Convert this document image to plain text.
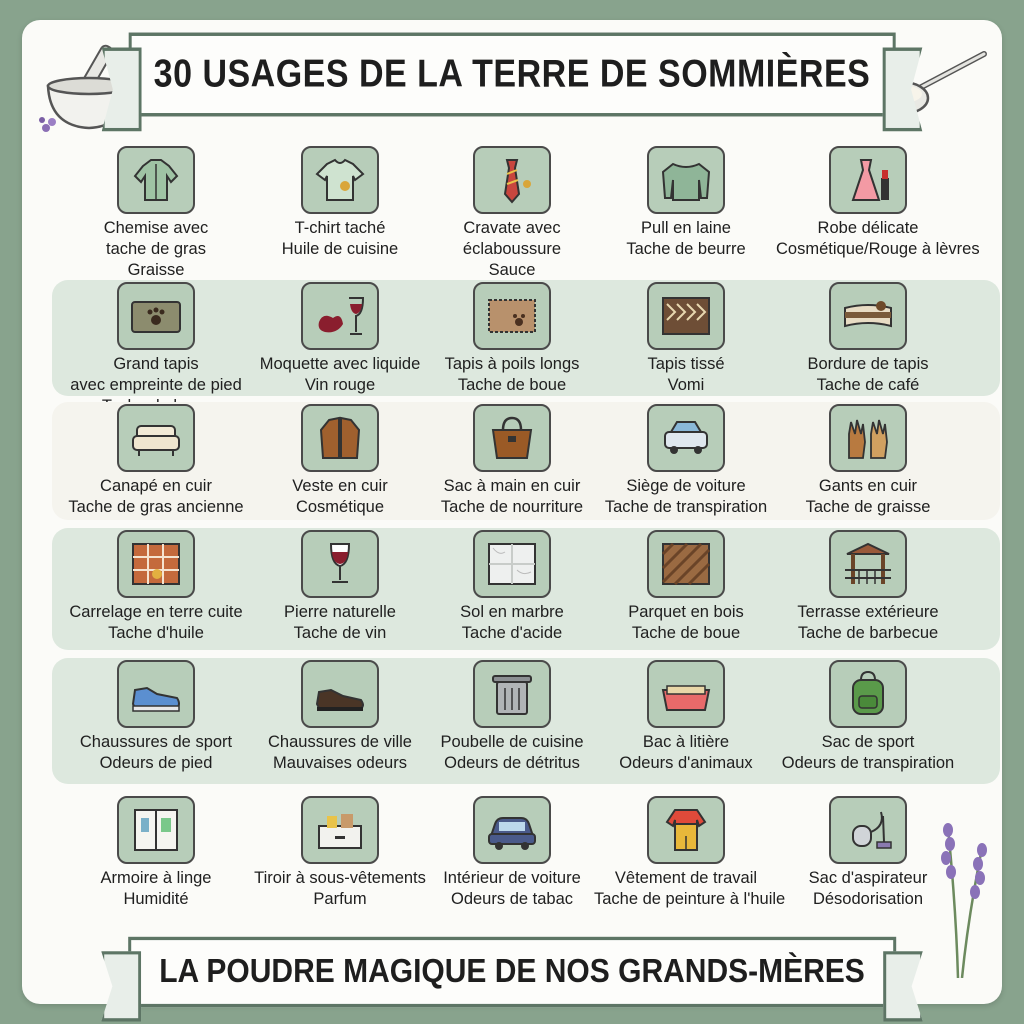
30 USAGES DE LA TERRE DE SOMMIÈRES
LA POUDRE MAGIQUE DE NOS GRANDS-MÈRES
Chemise avec
tache de gras
Graisse
T-chirt taché
Huile de cuisine
Cravate avec
éclaboussure
Sauce
Pull en laine
Tache de beurre
Robe délicate
Cosmétique/Rouge à lèvres
Grand tapis
avec empreinte de pied
Moquette avec liquide
Vin rouge
Tapis à poils longs
Tache de boue
Tapis tissé
Vomi
Bordure de tapis
Tache de café
Canapé en cuir
Tache de gras ancienne
Veste en cuir
Cosmétique
Sac à main en cuir
Tache de nourriture
Siège de voiture
Tache de transpiration
Gants en cuir
Tache de graisse
Carrelage en terre cuite
Tache d'huile
Pierre naturelle
Tache de vin
Sol en marbre
Tache d'acide
Parquet en bois
Tache de boue
Terrasse extérieure
Tache de barbecue
Chaussures de sport
Odeurs de pied
Chaussures de ville
Mauvaises odeurs
Poubelle de cuisine
Odeurs de détritus
Bac à litière
Odeurs d'animaux
Sac de sport
Odeurs de transpiration
Armoire à linge
Humidité
Tiroir à sous-vêtements
Parfum
Intérieur de voiture
Odeurs de tabac
Vêtement de travail
Tache de peinture à l'huile
Sac d'aspirateur
Désodorisation
